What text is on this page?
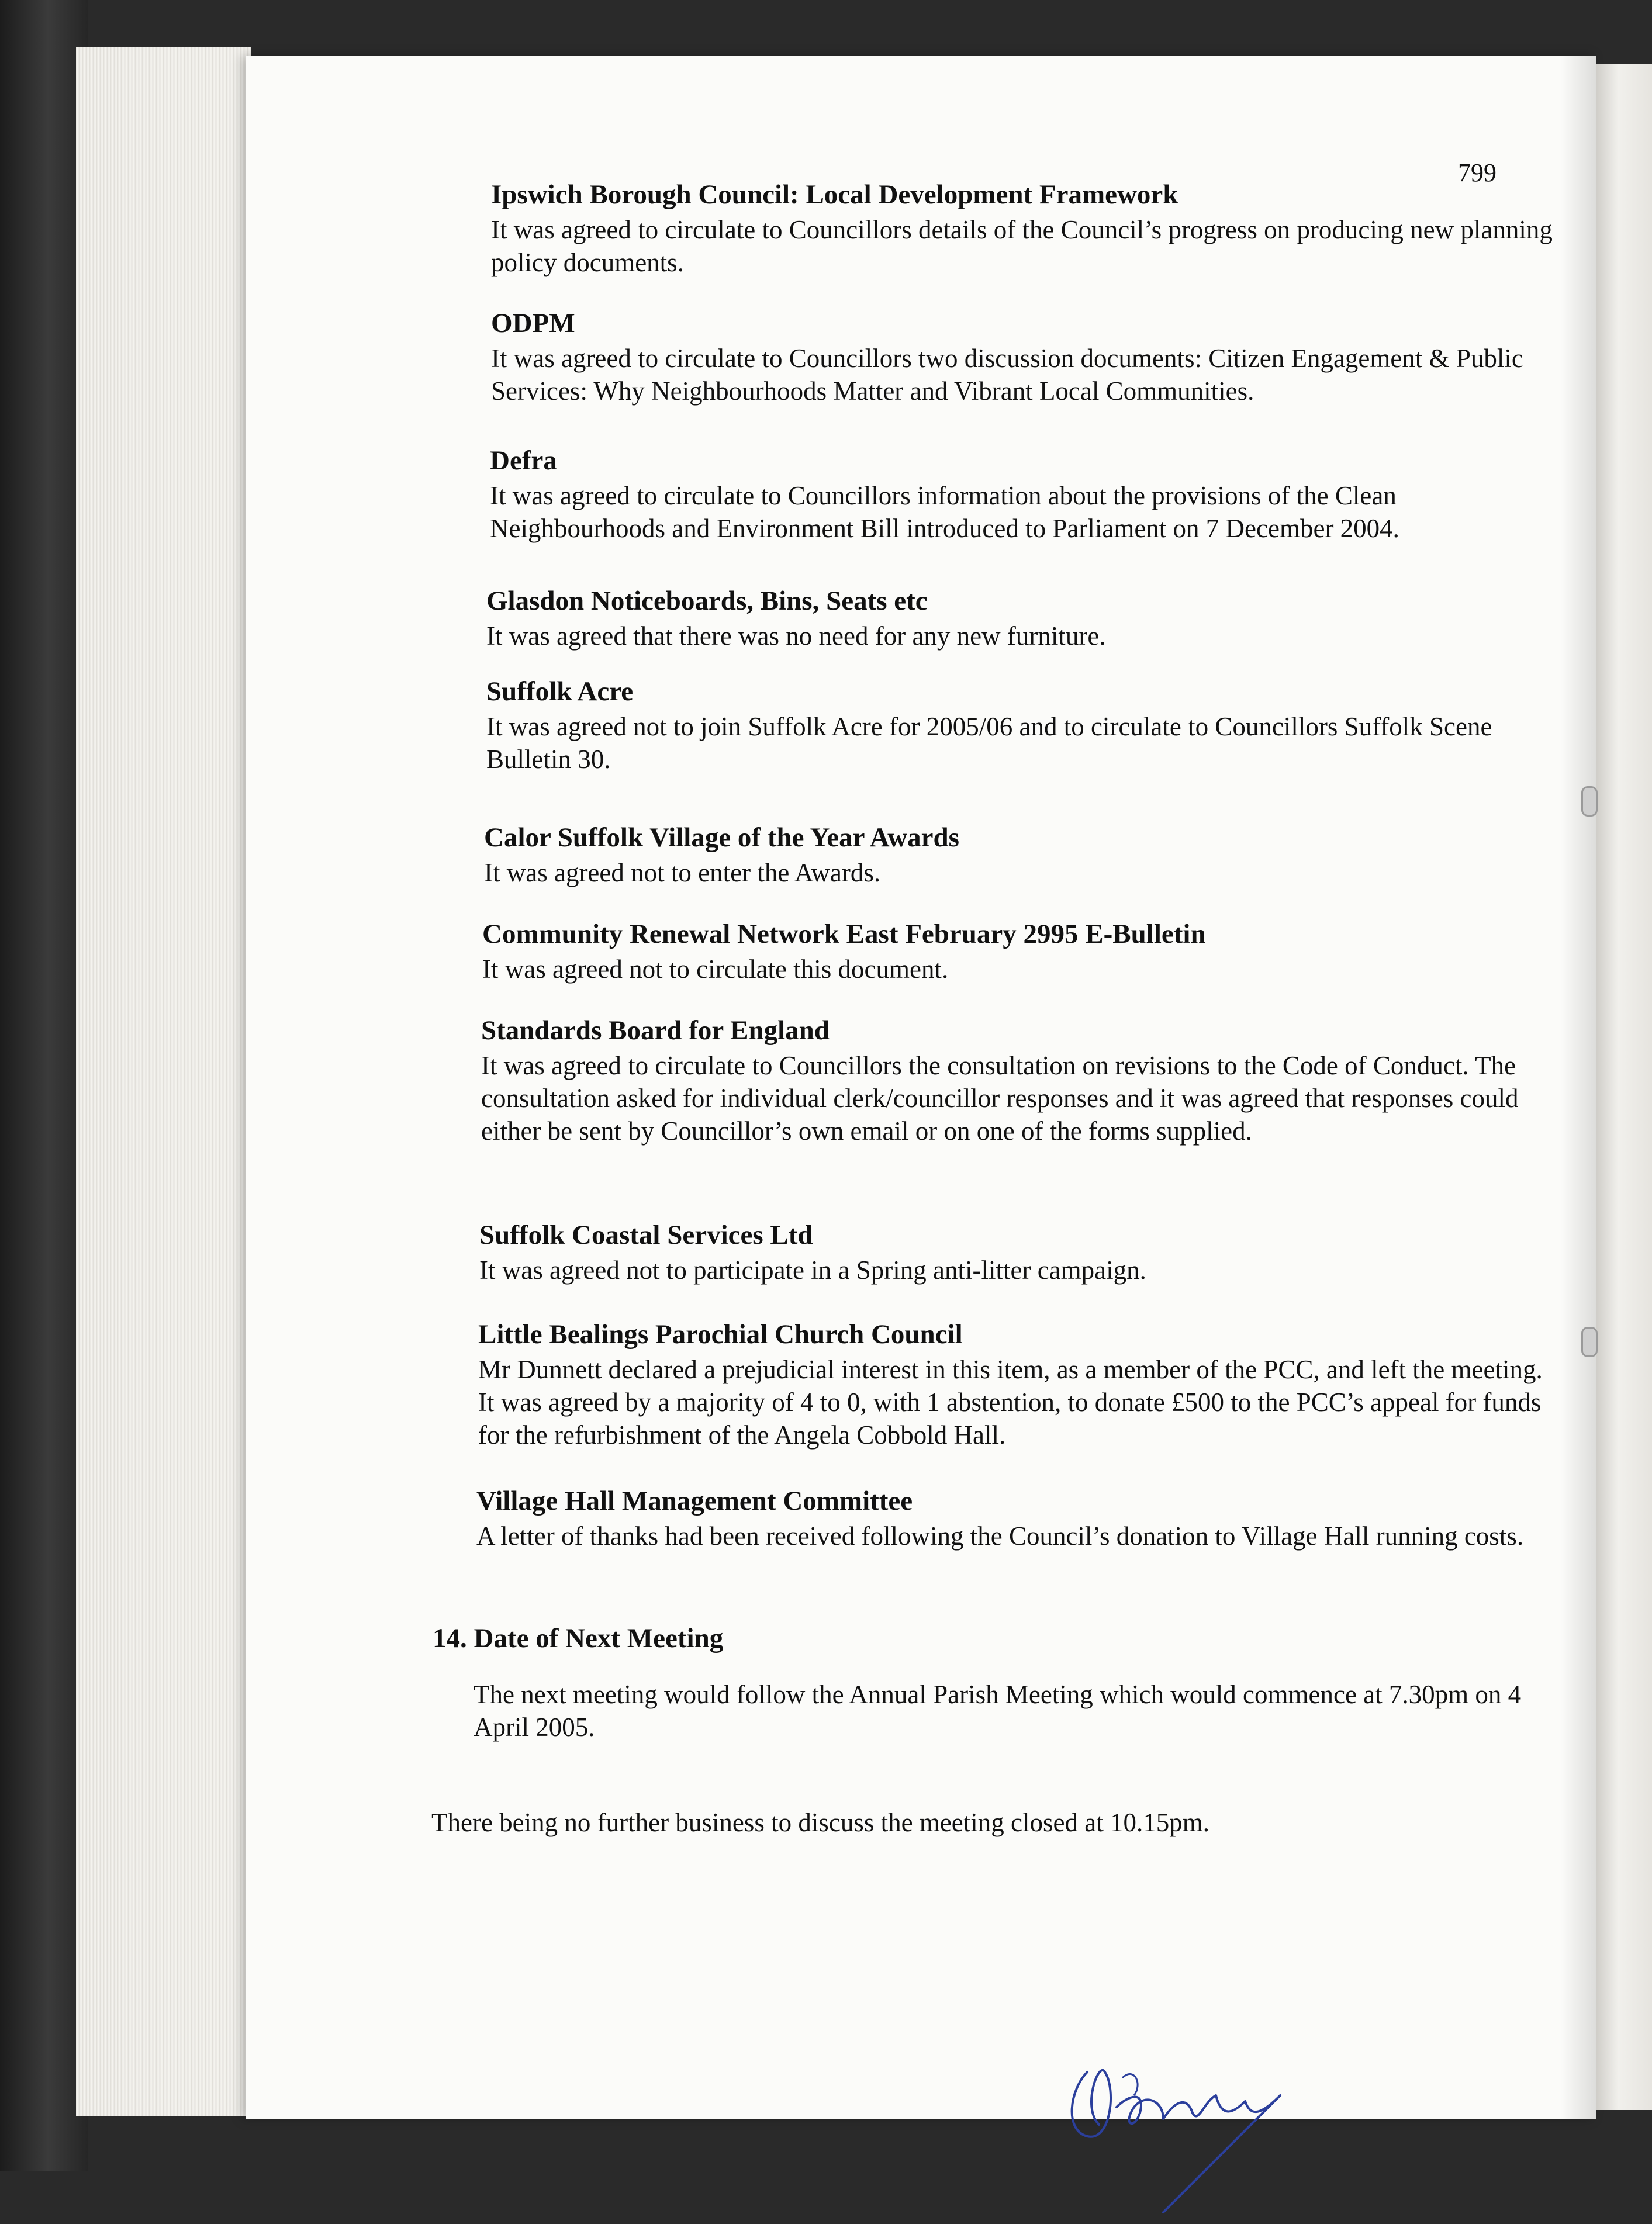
799
Ipswich Borough Council: Local Development Framework

It was agreed to circulate to Councillors details of the Council’s progress on producing new planning policy documents.

ODPM

It was agreed to circulate to Councillors two discussion documents: Citizen Engagement & Public Services: Why Neighbourhoods Matter and Vibrant Local Communities.

Defra

It was agreed to circulate to Councillors information about the provisions of the Clean Neighbourhoods and Environment Bill introduced to Parliament on 7 December 2004.

Glasdon Noticeboards, Bins, Seats etc

It was agreed that there was no need for any new furniture.

Suffolk Acre

It was agreed not to join Suffolk Acre for 2005/06 and to circulate to Councillors Suffolk Scene Bulletin 30.

Calor Suffolk Village of the Year Awards

It was agreed not to enter the Awards.

Community Renewal Network East February 2995 E-Bulletin

It was agreed not to circulate this document.

Standards Board for England

It was agreed to circulate to Councillors the consultation on revisions to the Code of Conduct. The consultation asked for individual clerk/councillor responses and it was agreed that responses could either be sent by Councillor’s own email or on one of the forms supplied.

Suffolk Coastal Services Ltd

It was agreed not to participate in a Spring anti-litter campaign.

Little Bealings Parochial Church Council

Mr Dunnett declared a prejudicial interest in this item, as a member of the PCC, and left the meeting. It was agreed by a majority of 4 to 0, with 1 abstention, to donate £500 to the PCC’s appeal for funds for the refurbishment of the Angela Cobbold Hall.

Village Hall Management Committee

A letter of thanks had been received following the Council’s donation to Village Hall running costs.

14. Date of Next Meeting

The next meeting would follow the Annual Parish Meeting which would commence at 7.30pm on 4 April 2005.

There being no further business to discuss the meeting closed at 10.15pm.
